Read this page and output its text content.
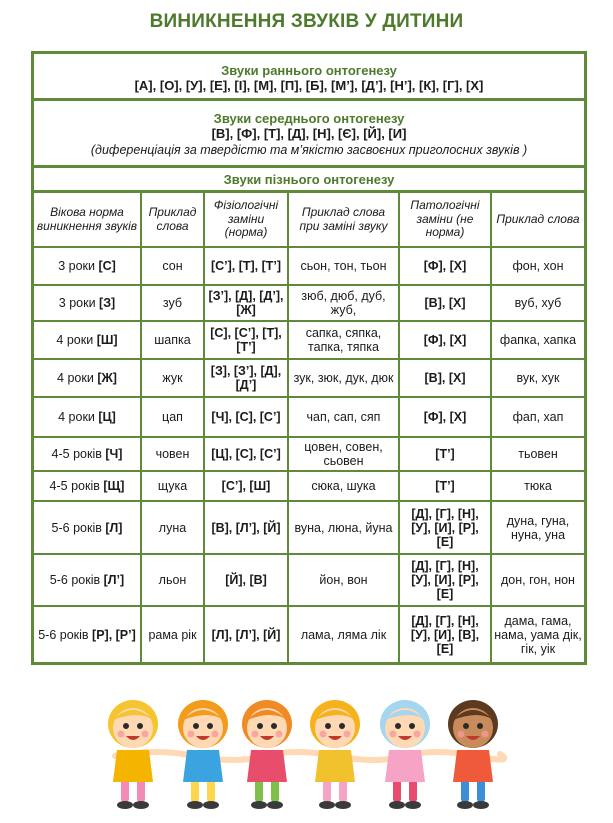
ВИНИКНЕННЯ ЗВУКІВ У ДИТИНИ
Звуки раннього онтогенезу
[А], [О], [У], [Е], [І], [М], [П], [Б], [М’], [Д’], [Н’], [К], [Г], [Х]
Звуки середнього онтогенезу
[В], [Ф], [Т], [Д], [Н], [Є], [Й], [И]
(диференціація за твердістю та м’якістю засвоєних приголосних звуків )
Звуки пізнього онтогенезу
Вікова норма виникнення звуків	Приклад слова	Фізіологічні заміни (норма)	Приклад слова при заміні звуку	Патологічні заміни (не норма)	Приклад слова
3 роки [С]	сон	[С’], [Т], [Т’]	сьон, тон, тьон	[Ф], [Х]	фон, хон
3 роки [З]	зуб	[З’], [Д], [Д’], [Ж]	зюб, дюб, дуб, жуб,	[В], [Х]	вуб, хуб
4 роки [Ш]	шапка	[С], [С’], [Т], [Т’]	сапка, сяпка, тапка, тяпка	[Ф], [Х]	фапка, хапка
4 роки [Ж]	жук	[З], [З’], [Д], [Д’]	зук, зюк, дук, дюк	[В], [Х]	вук, хук
4 роки [Ц]	цап	[Ч], [С], [С’]	чап, сап, сяп	[Ф], [Х]	фап, хап
4-5 років [Ч]	човен	[Ц], [С], [С’]	цовен, совен, сьовен	[Т’]	тьовен
4-5 років [Щ]	щука	[С’], [Ш]	сюка, шука	[Т’]	тюка
5-6 років [Л]	луна	[В], [Л’], [Й]	вуна, люна, йуна	[Д], [Г], [Н], [У], [И], [Р], [Е]	дуна, гуна, нуна, уна
5-6 років [Л’]	льон	[Й], [В]	йон, вон	[Д], [Г], [Н], [У], [И], [Р], [Е]	дон, гон, нон
5-6 років [Р], [Р’]	рама рік	[Л], [Л’], [Й]	лама, ляма лік	[Д], [Г], [Н], [У], [И], [В], [Е]	дама, гама, нама, уама дік, гік, уік
